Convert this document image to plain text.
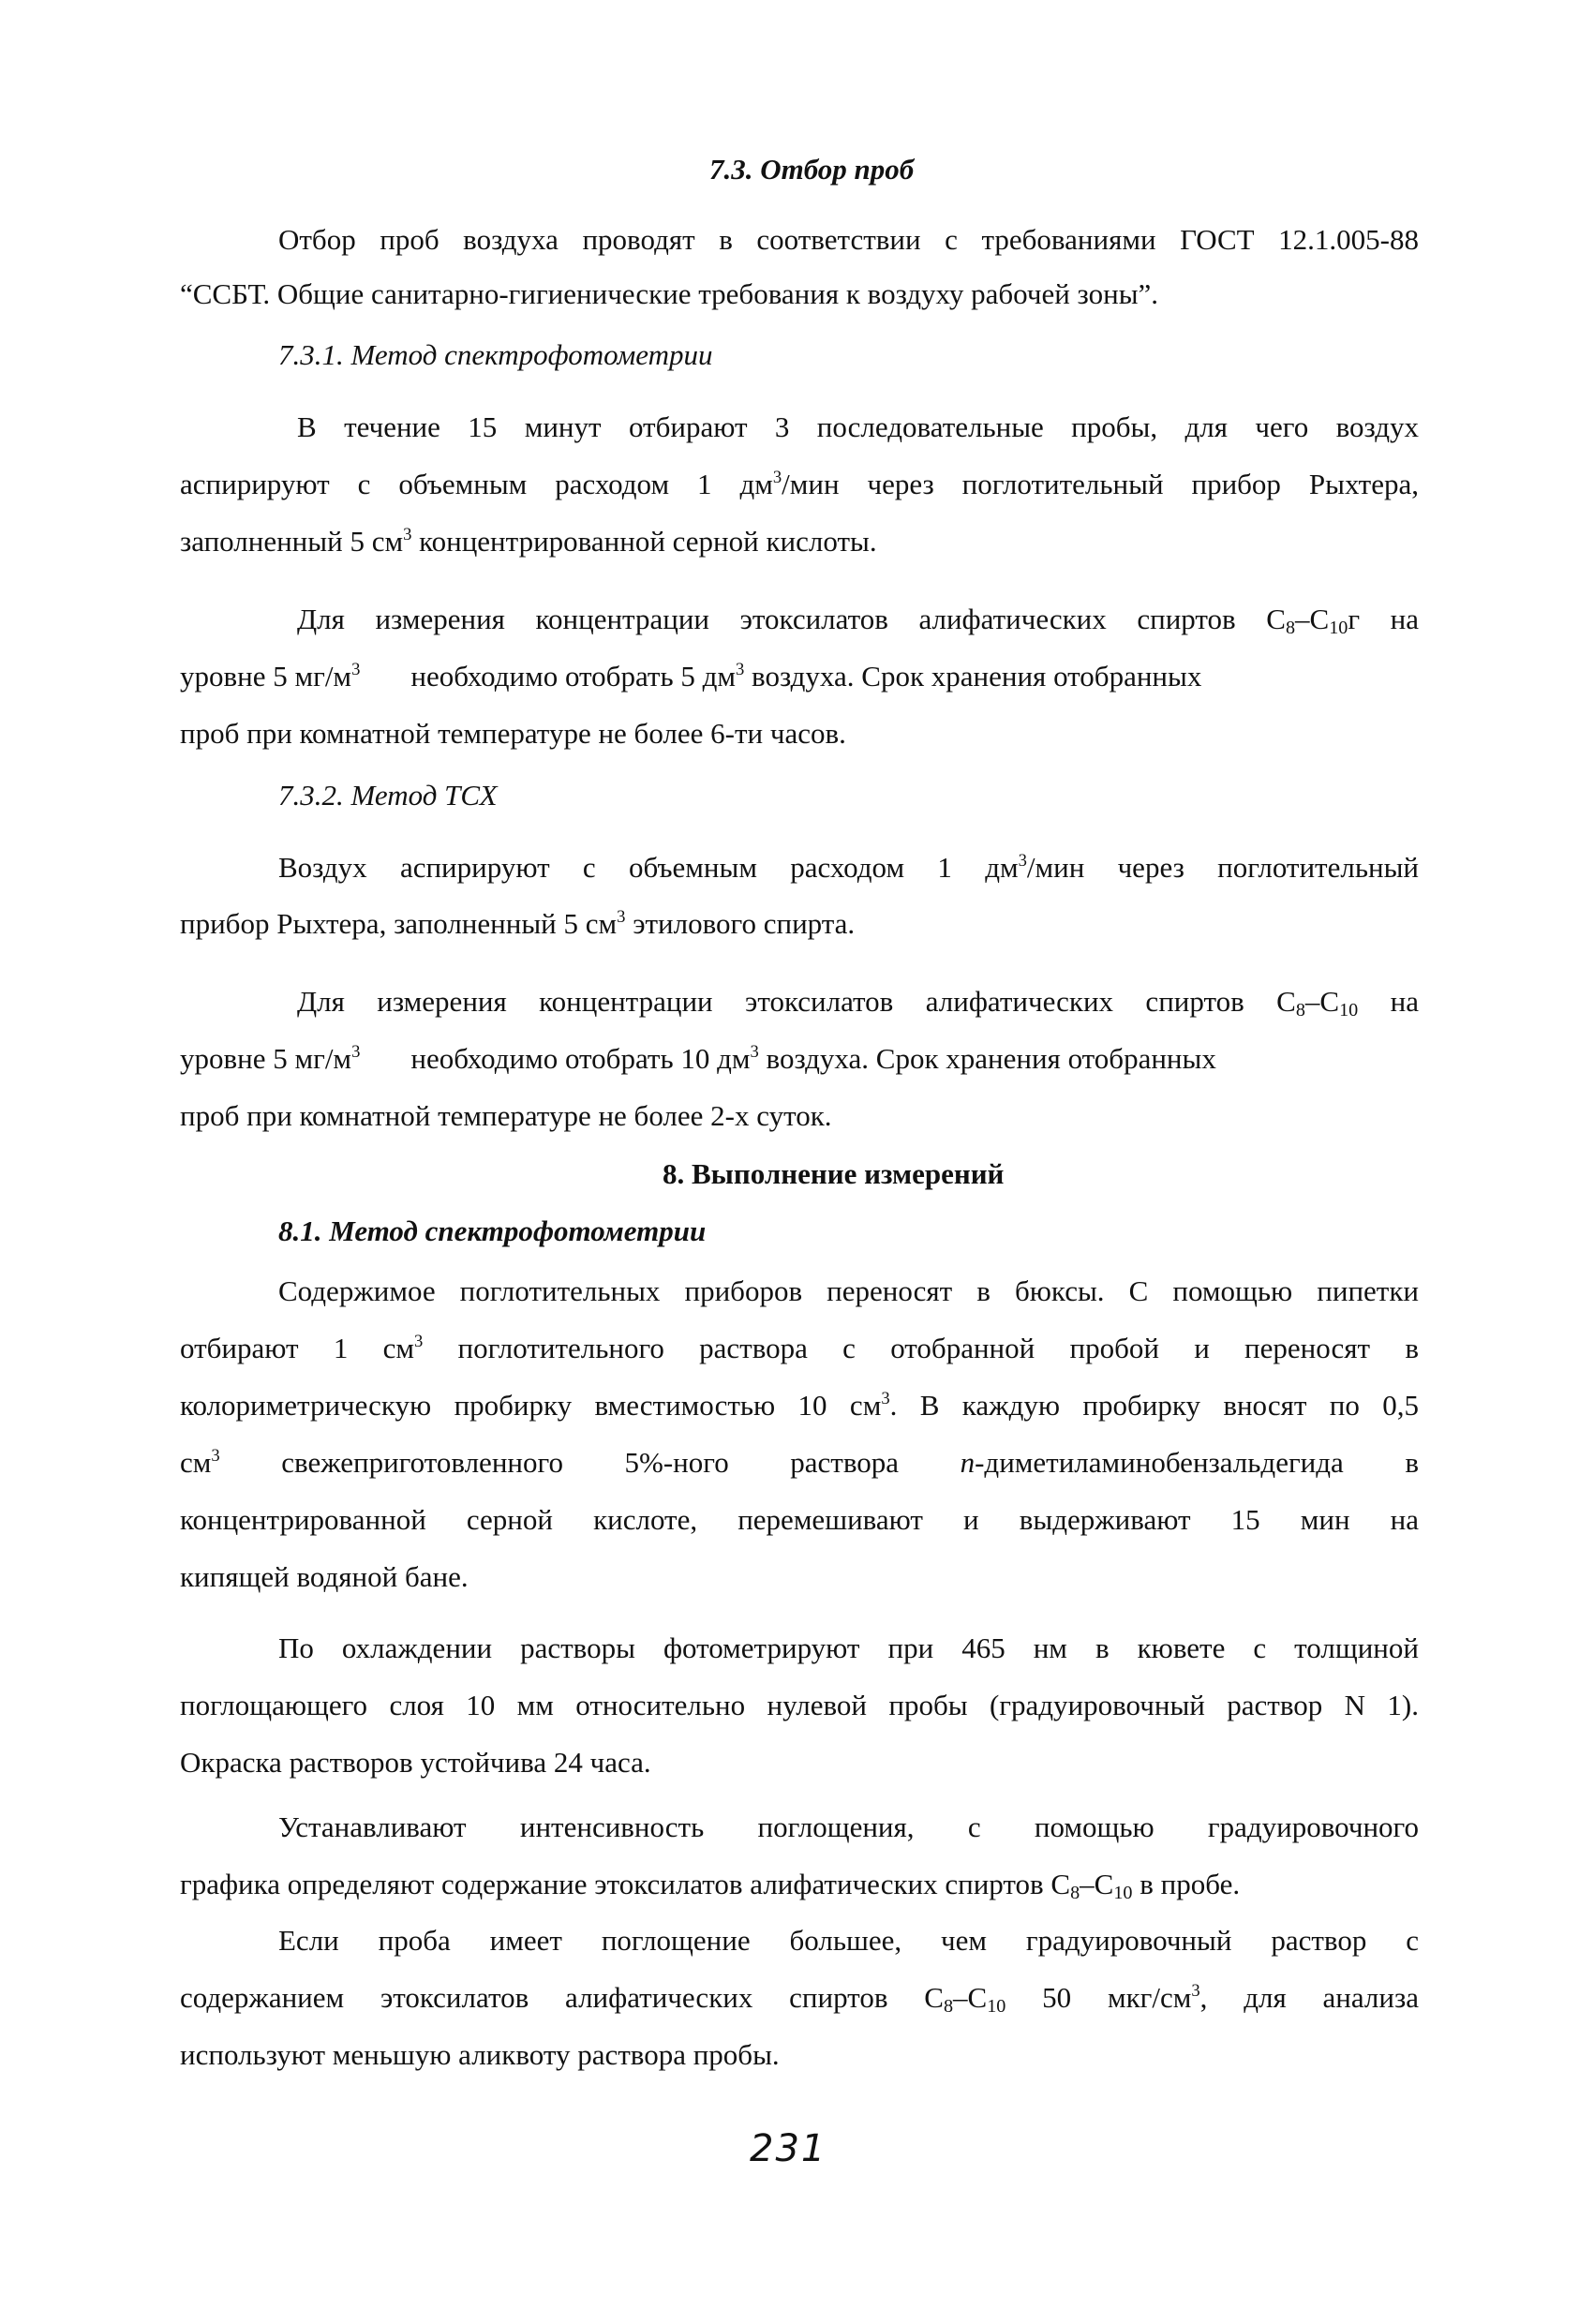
7.3. Отбор проб
Отбор проб воздуха проводят в соответствии с требованиями ГОСТ 12.1.005-88
“ССБТ. Общие санитарно-гигиенические требования к воздуху рабочей зоны”.
7.3.1. Метод спектрофотометрии
В течение 15 минут отбирают 3 последовательные пробы, для чего воздух
аспирируют с объемным расходом 1 $дм^3$/мин через поглотительный прибор Рыхтера,
заполненный 5 $см^3$ концентрированной серной кислоты.
Для измерения концентрации этоксилатов алифатических спиртов $C_8-C_{10}г$ на
уровне 5 $мг/м^3$ необходимо отобрать 5 $дм^3$ воздуха. Срок хранения отобранных
проб при комнатной температуре не более 6-ти часов.
7.3.2. Метод ТСХ
Воздух аспирируют с объемным расходом 1 $дм^3$/мин через поглотительный
прибор Рыхтера, заполненный 5 $см^3$ этилового спирта.
Для измерения концентрации этоксилатов алифатических спиртов $C_8-C_{10}$ на
уровне 5 $мг/м^3$ необходимо отобрать 10 $дм^3$ воздуха. Срок хранения отобранных
проб при комнатной температуре не более 2-х суток.
8. Выполнение измерений
8.1. Метод спектрофотометрии
Содержимое поглотительных приборов переносят в бюксы. С помощью пипетки
отбирают 1 $см^3$ поглотительного раствора с отобранной пробой и переносят в
колориметрическую пробирку вместимостью 10 $см^3$. В каждую пробирку вносят по 0,5
$см^3$ свежеприготовленного 5%-ного раствора п-диметиламинобензальдегида в
концентрированной серной кислоте, перемешивают и выдерживают 15 мин на
кипящей водяной бане.
По охлаждении растворы фотометрируют при 465 нм в кювете с толщиной
поглощающего слоя 10 мм относительно нулевой пробы (градуировочный раствор N 1).
Окраска растворов устойчива 24 часа.
Устанавливают интенсивность поглощения, с помощью градуировочного
графика определяют содержание этоксилатов алифатических спиртов $C_8-C_{10}$ в пробе.
Если проба имеет поглощение большее, чем градуировочный раствор с
содержанием этоксилатов алифатических спиртов $C_8-C_{10}$ 50 мкг/$см^3$, для анализа
используют меньшую аликвоту раствора пробы.
231
